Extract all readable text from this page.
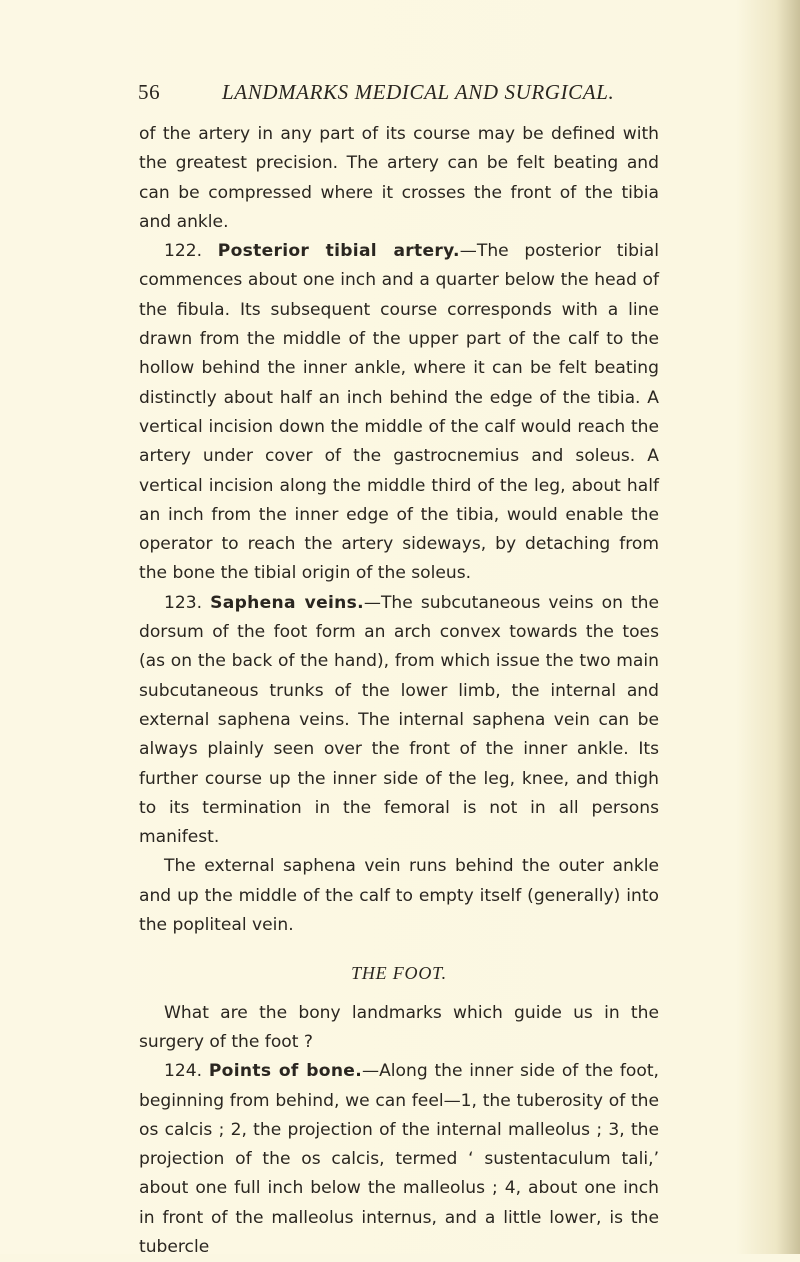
56	LANDMARKS MEDICAL AND SURGICAL.

of the artery in any part of its course may be defined with the greatest precision. The artery can be felt beating and can be compressed where it crosses the front of the tibia and ankle.

122. Posterior tibial artery.—The posterior tibial commences about one inch and a quarter below the head of the fibula. Its subsequent course corresponds with a line drawn from the middle of the upper part of the calf to the hollow behind the inner ankle, where it can be felt beating distinctly about half an inch behind the edge of the tibia. A vertical incision down the middle of the calf would reach the artery under cover of the gastrocnemius and soleus. A vertical incision along the middle third of the leg, about half an inch from the inner edge of the tibia, would enable the operator to reach the artery sideways, by detaching from the bone the tibial origin of the soleus.

123. Saphena veins.—The subcutaneous veins on the dorsum of the foot form an arch convex towards the toes (as on the back of the hand), from which issue the two main subcutaneous trunks of the lower limb, the internal and external saphena veins. The internal saphena vein can be always plainly seen over the front of the inner ankle. Its further course up the inner side of the leg, knee, and thigh to its termination in the femoral is not in all persons manifest.

The external saphena vein runs behind the outer ankle and up the middle of the calf to empty itself (generally) into the popliteal vein.

THE FOOT.

What are the bony landmarks which guide us in the surgery of the foot ?

124. Points of bone.—Along the inner side of the foot, beginning from behind, we can feel—1, the tuberosity of the os calcis ; 2, the projection of the internal malleolus ; 3, the projection of the os calcis, termed ‘ sustentaculum tali,’ about one full inch below the malleolus ; 4, about one inch in front of the malleolus internus, and a little lower, is the tubercle
